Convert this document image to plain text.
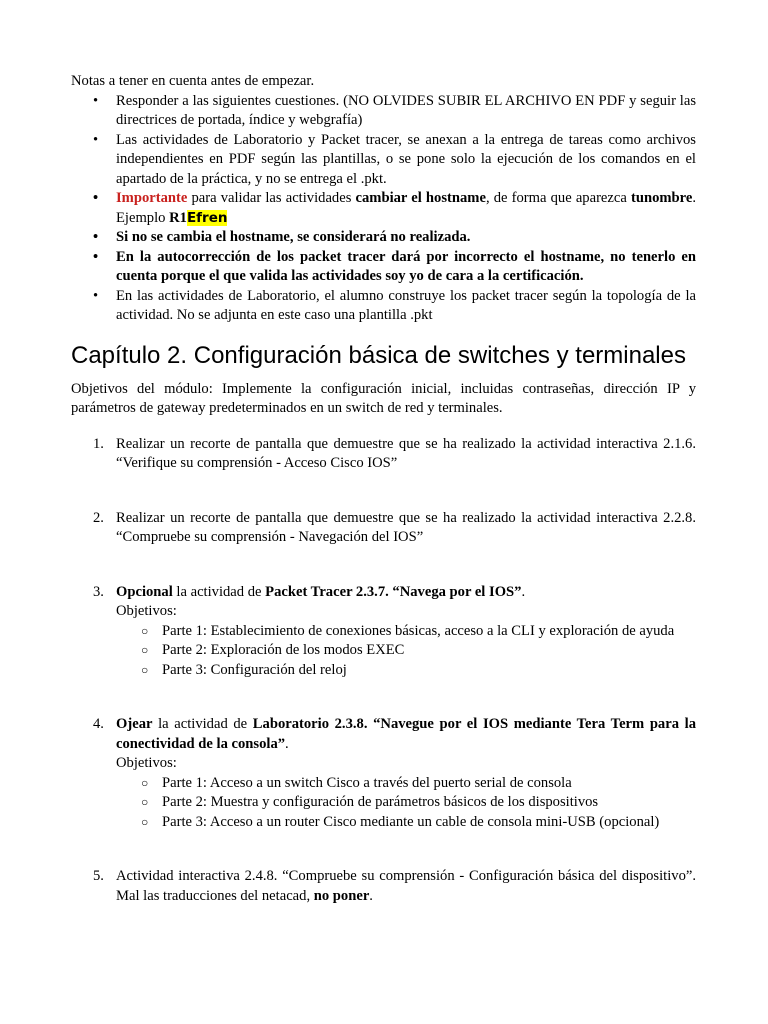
Notas a tener en cuenta antes de empezar.

• Responder a las siguientes cuestiones. (NO OLVIDES SUBIR EL ARCHIVO EN PDF y seguir las directrices de portada, índice y webgrafía)
• Las actividades de Laboratorio y Packet tracer, se anexan a la entrega de tareas como archivos independientes en PDF según las plantillas, o se pone solo la ejecución de los comandos en el apartado de la práctica, y no se entrega el .pkt.
• Importante para validar las actividades cambiar el hostname, de forma que aparezca tunombre. Ejemplo R1Efren
• Si no se cambia el hostname, se considerará no realizada.
• En la autocorrección de los packet tracer dará por incorrecto el hostname, no tenerlo en cuenta porque el que valida las actividades soy yo de cara a la certificación.
• En las actividades de Laboratorio, el alumno construye los packet tracer según la topología de la actividad. No se adjunta en este caso una plantilla .pkt
Capítulo 2. Configuración básica de switches y terminales

Objetivos del módulo: Implemente la configuración inicial, incluidas contraseñas, dirección IP y parámetros de gateway predeterminados en un switch de red y terminales.

1. Realizar un recorte de pantalla que demuestre que se ha realizado la actividad interactiva 2.1.6. “Verifique su comprensión - Acceso Cisco IOS”
2. Realizar un recorte de pantalla que demuestre que se ha realizado la actividad interactiva 2.2.8. “Compruebe su comprensión - Navegación del IOS”
3. Opcional la actividad de Packet Tracer 2.3.7. “Navega por el IOS”.

Objetivos:

○ Parte 1: Establecimiento de conexiones básicas, acceso a la CLI y exploración de ayuda
○ Parte 2: Exploración de los modos EXEC
○ Parte 3: Configuración del reloj
4. Ojear la actividad de Laboratorio 2.3.8. “Navegue por el IOS mediante Tera Term para la conectividad de la consola”.

Objetivos:

○ Parte 1: Acceso a un switch Cisco a través del puerto serial de consola
○ Parte 2: Muestra y configuración de parámetros básicos de los dispositivos
○ Parte 3: Acceso a un router Cisco mediante un cable de consola mini-USB (opcional)
5. Actividad interactiva 2.4.8. “Compruebe su comprensión - Configuración básica del dispositivo”. Mal las traducciones del netacad, no poner.
